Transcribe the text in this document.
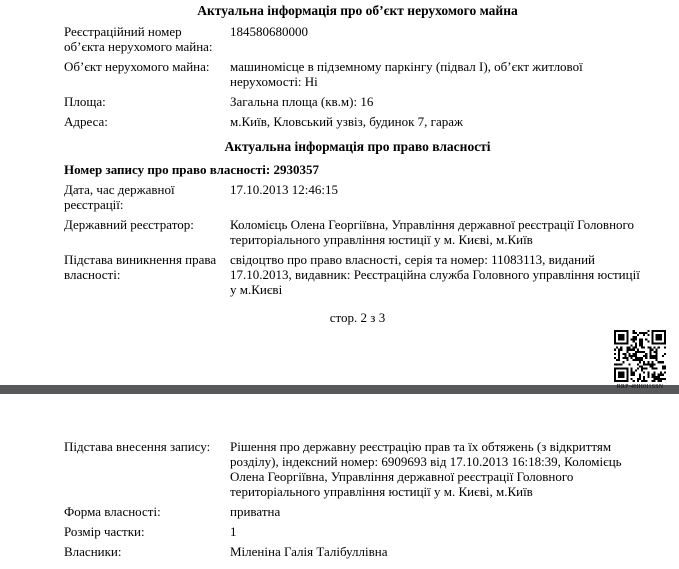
Актуальна інформація про об’єкт нерухомого майна
Реєстраційний номер об’єкта нерухомого майна:
184580680000
Об’єкт нерухомого майна:	машиномісце в підземному паркінгу (підвал І), об’єкт житлової нерухомості: Ні
Площа:	Загальна площа (кв.м): 16
Адреса:	м.Київ, Кловський узвіз, будинок 7, гараж
Актуальна інформація про право власності
Номер запису про право власності: 2930357
Дата, час державної реєстрації:
17.10.2013 12:46:15
Державний реєстратор:	Коломієць Олена Георгіївна, Управління державної реєстрації Головного територіального управління юстиції у м. Києві, м.Київ
Підстава виникнення права власності:
свідоцтво про право власності, серія та номер: 11083113, виданий 17.10.2013, видавник: Реєстраційна служба Головного управління юстиції у м.Києві
стор. 2 з 3
RRP-4HH0I1SSN
Підстава внесення запису:	Рішення про державну реєстрацію прав та їх обтяжень (з відкриттям розділу), індексний номер: 6909693 від 17.10.2013 16:18:39, Коломієць Олена Георгіївна, Управління державної реєстрації Головного територіального управління юстиції у м. Києві, м.Київ
Форма власності:	приватна
Розмір частки:	1
Власники:	Міленіна Галія Талібуллівна
